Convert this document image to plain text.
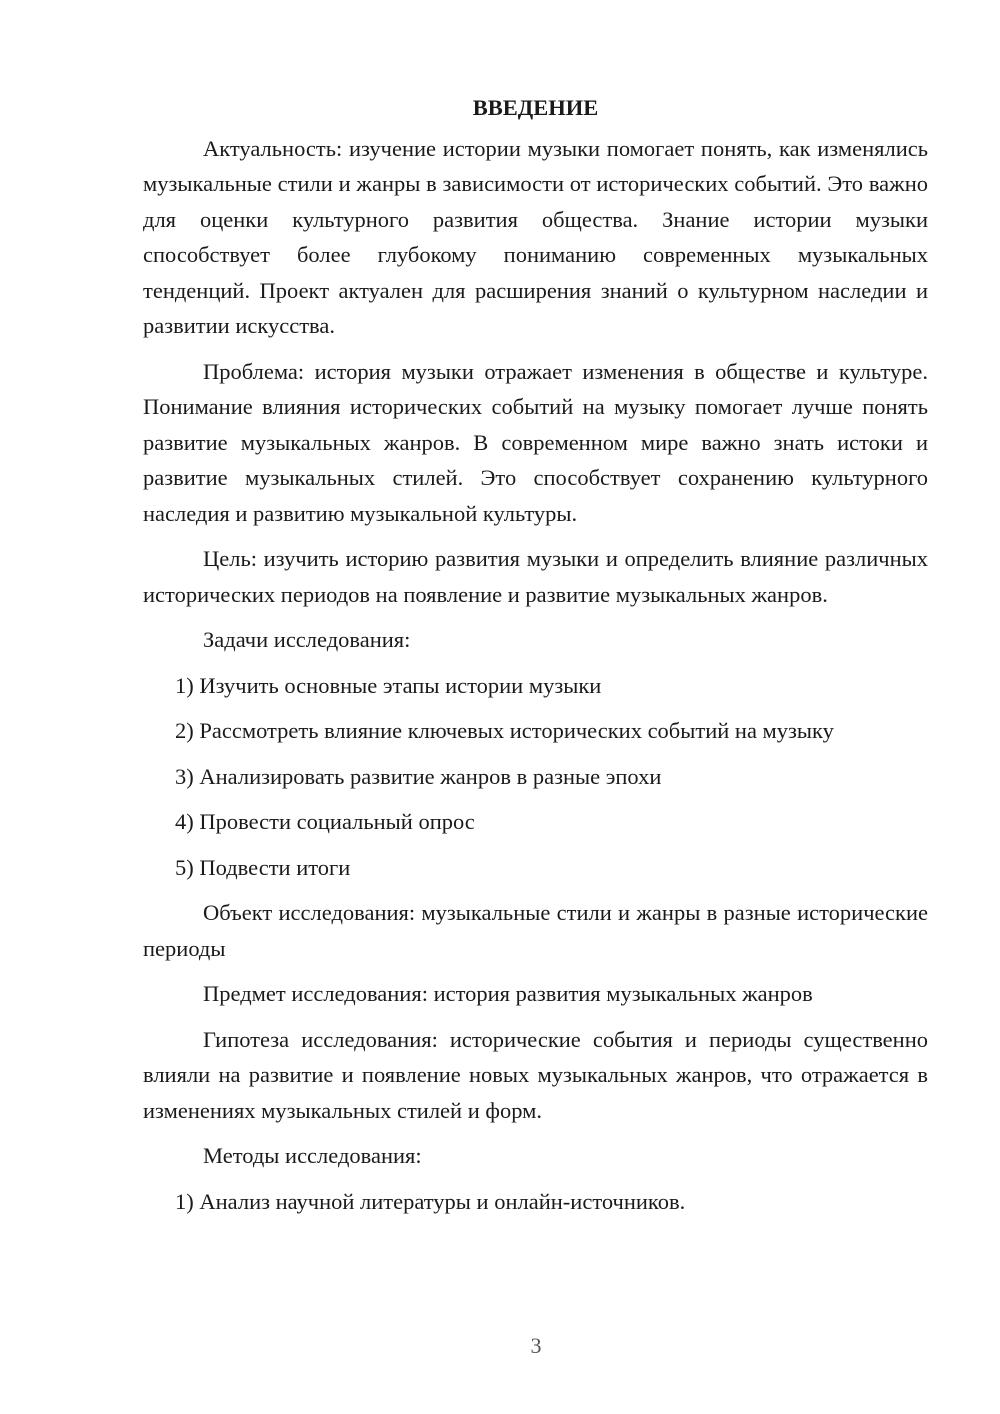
ВВЕДЕНИЕ

Актуальность: изучение истории музыки помогает понять, как изменялись музыкальные стили и жанры в зависимости от исторических событий. Это важно для оценки культурного развития общества. Знание истории музыки способствует более глубокому пониманию современных музыкальных тенденций. Проект актуален для расширения знаний о культурном наследии и развитии искусства.

Проблема: история музыки отражает изменения в обществе и культуре. Понимание влияния исторических событий на музыку помогает лучше понять развитие музыкальных жанров. В современном мире важно знать истоки и развитие музыкальных стилей. Это способствует сохранению культурного наследия и развитию музыкальной культуры.

Цель: изучить историю развития музыки и определить влияние различных исторических периодов на появление и развитие музыкальных жанров.

Задачи исследования:

1) Изучить основные этапы истории музыки

2) Рассмотреть влияние ключевых исторических событий на музыку

3) Анализировать развитие жанров в разные эпохи

4) Провести социальный опрос

5) Подвести итоги

Объект исследования: музыкальные стили и жанры в разные исторические периоды

Предмет исследования: история развития музыкальных жанров

Гипотеза исследования: исторические события и периоды существенно влияли на развитие и появление новых музыкальных жанров, что отражается в изменениях музыкальных стилей и форм.

Методы исследования:

1) Анализ научной литературы и онлайн-источников.

3
